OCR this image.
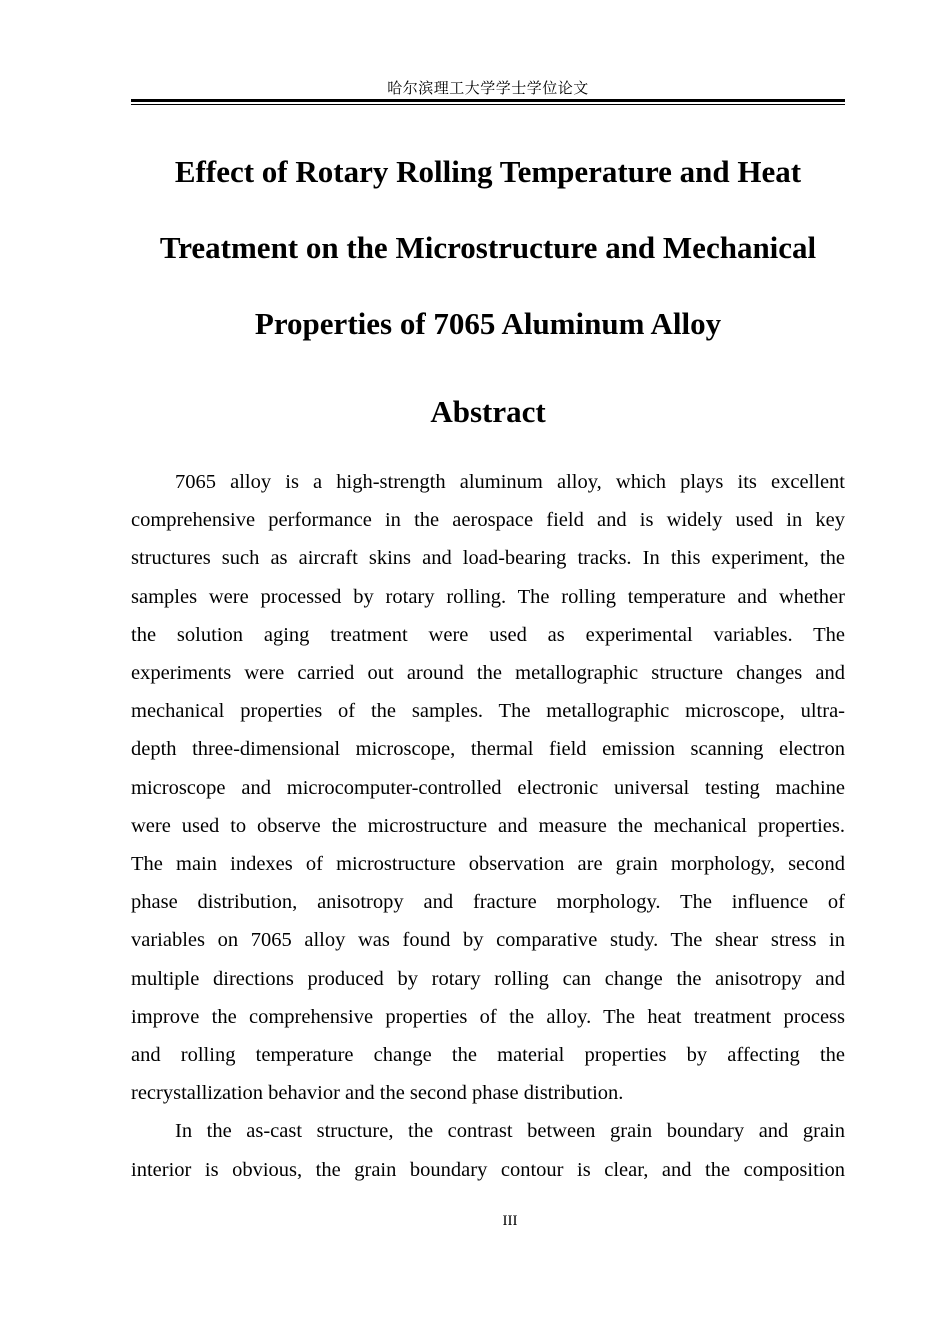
哈尔滨理工大学学士学位论文
Effect of Rotary Rolling Temperature and Heat
Treatment on the Microstructure and Mechanical
Properties of 7065 Aluminum Alloy
Abstract
7065 alloy is a high-strength aluminum alloy, which plays its excellent
comprehensive performance in the aerospace field and is widely used in key
structures such as aircraft skins and load-bearing tracks. In this experiment, the
samples were processed by rotary rolling. The rolling temperature and whether
the solution aging treatment were used as experimental variables. The
experiments were carried out around the metallographic structure changes and
mechanical properties of the samples. The metallographic microscope, ultra-
depth three-dimensional microscope, thermal field emission scanning electron
microscope and microcomputer-controlled electronic universal testing machine
were used to observe the microstructure and measure the mechanical properties.
The main indexes of microstructure observation are grain morphology, second
phase distribution, anisotropy and fracture morphology. The influence of
variables on 7065 alloy was found by comparative study. The shear stress in
multiple directions produced by rotary rolling can change the anisotropy and
improve the comprehensive properties of the alloy. The heat treatment process
and rolling temperature change the material properties by affecting the
recrystallization behavior and the second phase distribution.
In the as-cast structure, the contrast between grain boundary and grain
interior is obvious, the grain boundary contour is clear, and the composition
III
